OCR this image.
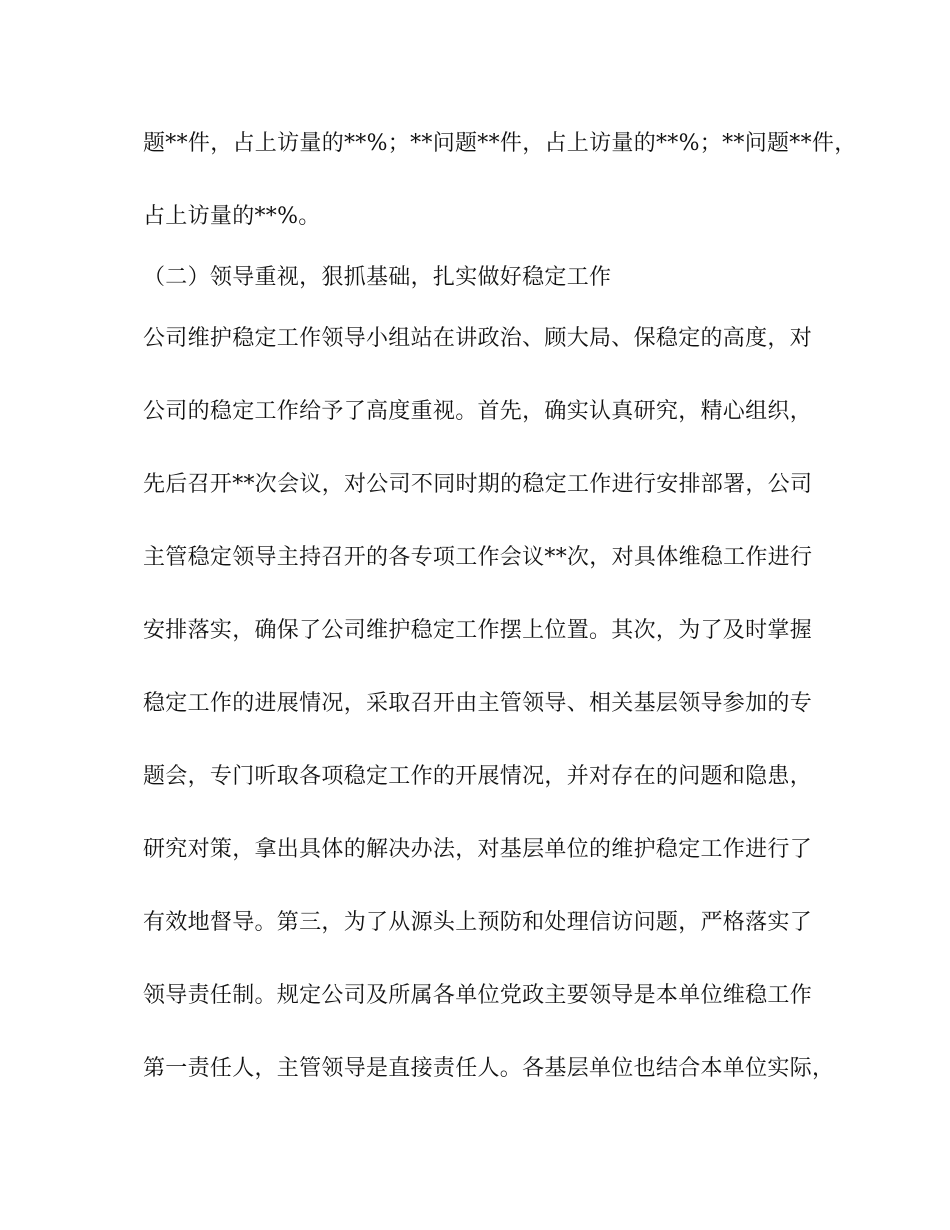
题**件，占上访量的**%；**问题**件，占上访量的**%；**问题**件，
占上访量的**%。
（二）领导重视，狠抓基础，扎实做好稳定工作
公司维护稳定工作领导小组站在讲政治、顾大局、保稳定的高度，对
公司的稳定工作给予了高度重视。首先，确实认真研究，精心组织，
先后召开**次会议，对公司不同时期的稳定工作进行安排部署，公司
主管稳定领导主持召开的各专项工作会议**次，对具体维稳工作进行
安排落实，确保了公司维护稳定工作摆上位置。其次，为了及时掌握
稳定工作的进展情况，采取召开由主管领导、相关基层领导参加的专
题会，专门听取各项稳定工作的开展情况，并对存在的问题和隐患，
研究对策，拿出具体的解决办法，对基层单位的维护稳定工作进行了
有效地督导。第三，为了从源头上预防和处理信访问题，严格落实了
领导责任制。规定公司及所属各单位党政主要领导是本单位维稳工作
第一责任人，主管领导是直接责任人。各基层单位也结合本单位实际，
